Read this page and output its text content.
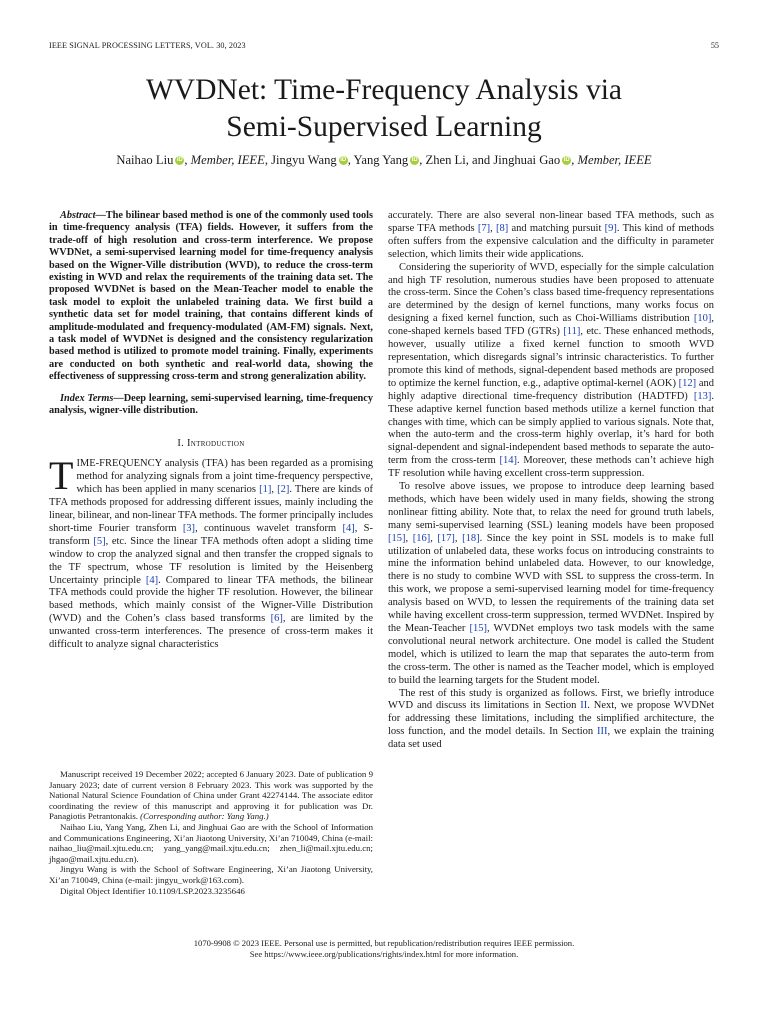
IEEE SIGNAL PROCESSING LETTERS, VOL. 30, 2023	55
WVDNet: Time-Frequency Analysis via
Semi-Supervised Learning
Naihao Liu iD , Member, IEEE, Jingyu Wang iD , Yang Yang iD , Zhen Li, and Jinghuai Gao iD , Member, IEEE

Abstract—The bilinear based method is one of the commonly used tools in time-frequency analysis (TFA) fields. However, it suffers from the trade-off of high resolution and cross-term interference. We propose WVDNet, a semi-supervised learning model for time-frequency analysis based on the Wigner-Ville distribution (WVD), to reduce the cross-term existing in WVD and relax the requirements of the training data set. The proposed WVDNet is based on the Mean-Teacher model to enable the task model to exploit the unlabeled training data. We first build a synthetic data set for model training, that contains different kinds of amplitude-modulated and frequency-modulated (AM-FM) signals. Next, a task model of WVDNet is designed and the consistency regularization based method is utilized to promote model training. Finally, experiments are conducted on both synthetic and real-world data, showing the effectiveness of suppressing cross-term and strong generalization ability.

Index Terms—Deep learning, semi-supervised learning, time-frequency analysis, wigner-ville distribution.

I. Introduction

TIME-FREQUENCY analysis (TFA) has been regarded as a promising method for analyzing signals from a joint time-frequency perspective, which has been applied in many scenarios [1], [2]. There are kinds of TFA methods proposed for addressing different issues, mainly including the linear, bilinear, and non-linear TFA methods. The former principally includes short-time Fourier transform [3], continuous wavelet transform [4], S-transform [5], etc. Since the linear TFA methods often adopt a sliding time window to crop the analyzed signal and then transfer the cropped signals to the TF spectrum, whose TF resolution is limited by the Heisenberg Uncertainty principle [4]. Compared to linear TFA methods, the bilinear TFA methods could provide the higher TF resolution. However, the bilinear based methods, which mainly consist of the Wigner-Ville Distribution (WVD) and the Cohen’s class based transforms [6], are limited by the unwanted cross-term interferences. The presence of cross-term makes it difficult to analyze signal characteristics

Manuscript received 19 December 2022; accepted 6 January 2023. Date of publication 9 January 2023; date of current version 8 February 2023. This work was supported by the National Natural Science Foundation of China under Grant 42274144. The associate editor coordinating the review of this manuscript and approving it for publication was Dr. Panagiotis Petrantonakis. (Corresponding author: Yang Yang.)

Naihao Liu, Yang Yang, Zhen Li, and Jinghuai Gao are with the School of Information and Communications Engineering, Xi’an Jiaotong University, Xi’an 710049, China (e-mail: naihao_liu@mail.xjtu.edu.cn; yang_yang@mail.xjtu.edu.cn; zhen_li@mail.xjtu.edu.cn; jhgao@mail.xjtu.edu.cn).

Jingyu Wang is with the School of Software Engineering, Xi’an Jiaotong University, Xi’an 710049, China (e-mail: jingyu_work@163.com).

Digital Object Identifier 10.1109/LSP.2023.3235646

accurately. There are also several non-linear based TFA methods, such as sparse TFA methods [7], [8] and matching pursuit [9]. This kind of methods often suffers from the expensive calculation and the difficulty in parameter selection, which limits their wide applications.

Considering the superiority of WVD, especially for the simple calculation and high TF resolution, numerous studies have been proposed to attenuate the cross-term. Since the Cohen’s class based time-frequency representations are determined by the design of kernel functions, many works focus on designing a fixed kernel function, such as Choi-Williams distribution [10], cone-shaped kernels based TFD (GTRs) [11], etc. These enhanced methods, however, usually utilize a fixed kernel function to smooth WVD representation, which disregards signal’s intrinsic characteristics. To further promote this kind of methods, signal-dependent based methods are proposed to optimize the kernel function, e.g., adaptive optimal-kernel (AOK) [12] and highly adaptive directional time-frequency distribution (HADTFD) [13]. These adaptive kernel function based methods utilize a kernel function that changes with time, which can be simply applied to various signals. Note that, when the auto-term and the cross-term highly overlap, it’s hard for both signal-dependent and signal-independent based methods to separate the auto-term from the cross-term [14]. Moreover, these methods can’t achieve high TF resolution while having excellent cross-term suppression.

To resolve above issues, we propose to introduce deep learning based methods, which have been widely used in many fields, showing the strong nonlinear fitting ability. Note that, to relax the need for ground truth labels, many semi-supervised learning (SSL) leaning models have been proposed [15], [16], [17], [18]. Since the key point in SSL models is to make full utilization of unlabeled data, these works focus on introducing constraints to mine the information behind unlabeled data. However, to our knowledge, there is no study to combine WVD with SSL to suppress the cross-term. In this work, we propose a semi-supervised learning model for time-frequency analysis based on WVD, to lessen the requirements of the training data set while having excellent cross-term suppression, termed WVDNet. Inspired by the Mean-Teacher [15], WVDNet employs two task models with the same convolutional neural network architecture. One model is called the Student model, which is utilized to learn the map that separates the auto-term from the cross-term. The other is named as the Teacher model, which is employed to build the learning targets for the Student model.

The rest of this study is organized as follows. First, we briefly introduce WVD and discuss its limitations in Section II. Next, we propose WVDNet for addressing these limitations, including the simplified architecture, the loss function, and the model details. In Section III, we explain the training data set used

1070-9908 © 2023 IEEE. Personal use is permitted, but republication/redistribution requires IEEE permission.
See https://www.ieee.org/publications/rights/index.html for more information.
